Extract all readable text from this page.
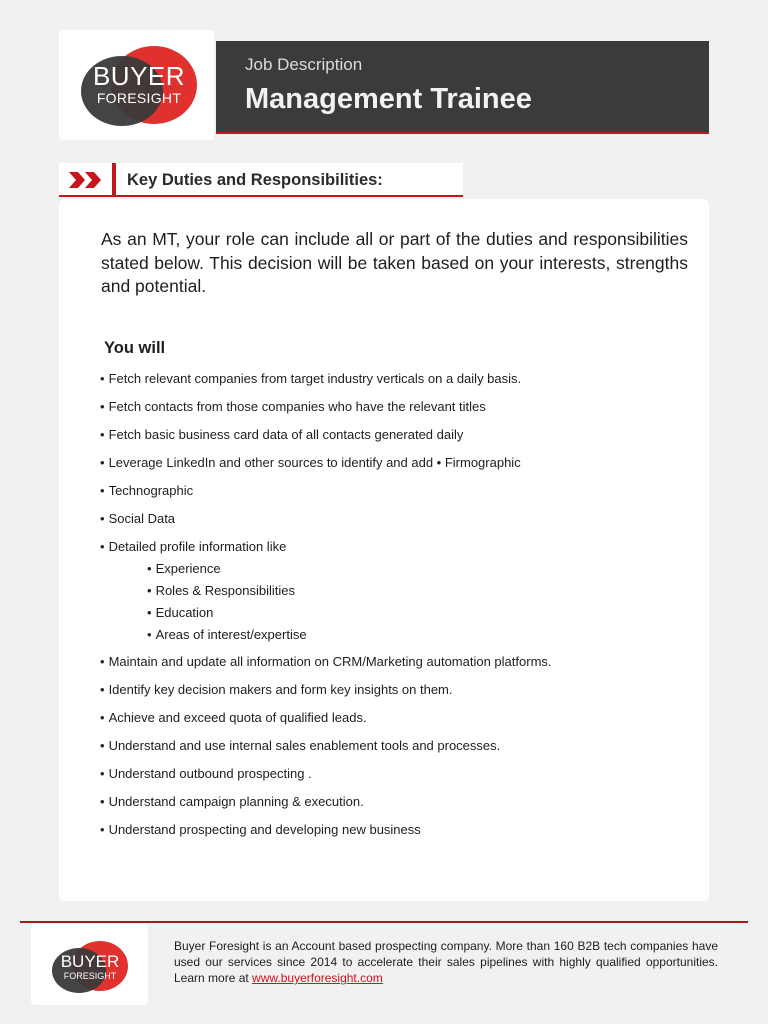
BUYER
FORESIGHT
Job Description
Management Trainee
Key Duties and Responsibilities:
As an MT, your role can include all or part of the duties and responsibilities stated below. This decision will be taken based on your interests, strengths and potential.
You will
• Fetch relevant companies from target industry verticals on a daily basis.
• Fetch contacts from those companies who have the relevant titles
• Fetch basic business card data of all contacts generated daily
• Leverage LinkedIn and other sources to identify and add • Firmographic
• Technographic
• Social Data
• Detailed profile information like
• Experience
• Roles & Responsibilities
• Education
• Areas of interest/expertise
• Maintain and update all information on CRM/Marketing automation platforms.
• Identify key decision makers and form key insights on them.
• Achieve and exceed quota of qualified leads.
• Understand and use internal sales enablement tools and processes.
• Understand outbound prospecting .
• Understand campaign planning & execution.
• Understand prospecting and developing new business
BUYER
FORESIGHT
Buyer Foresight is an Account based prospecting company. More than 160 B2B tech companies have used our services since 2014 to accelerate their sales pipelines with highly qualified opportunities. Learn more at www.buyerforesight.com
